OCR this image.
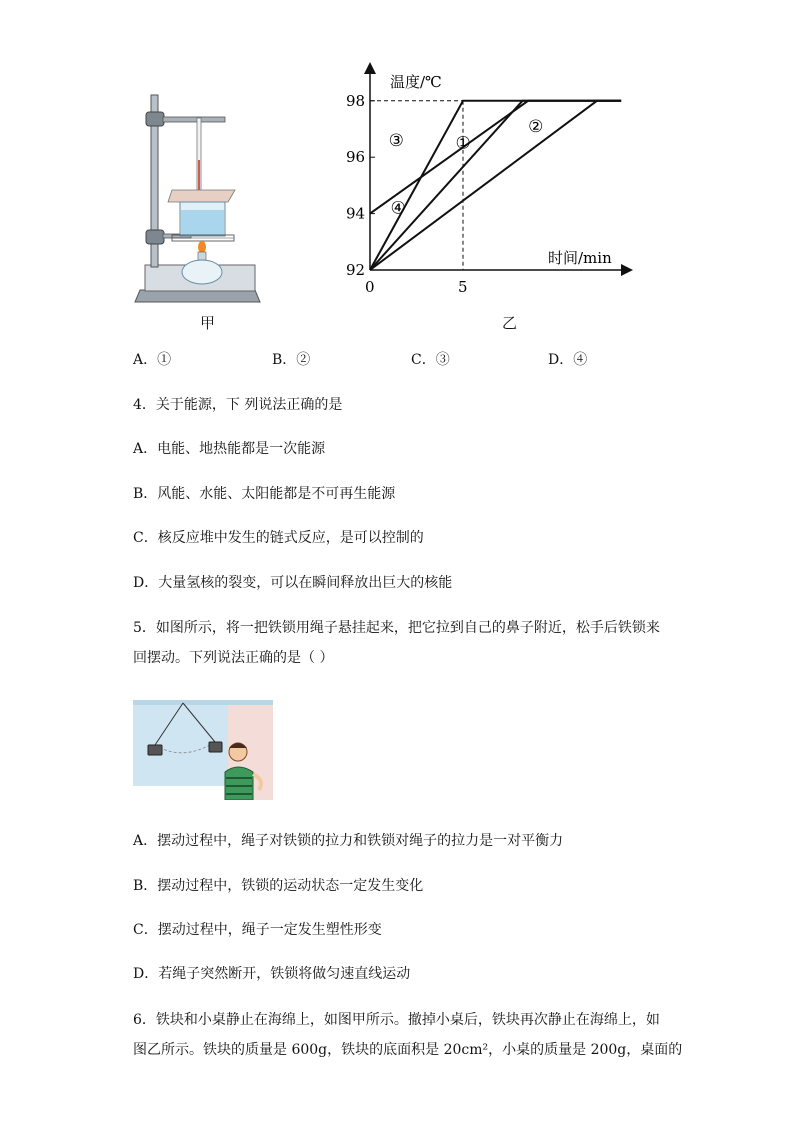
甲
温度/℃
时间/min
92
94
96
98
0	5
①
②
③
④
乙
A．①	B．②	C．③	D．④
4．关于能源，下 列说法正确的是
A．电能、地热能都是一次能源
B．风能、水能、太阳能都是不可再生能源
C．核反应堆中发生的链式反应，是可以控制的
D．大量氢核的裂变，可以在瞬间释放出巨大的核能
5．如图所示，将一把铁锁用绳子悬挂起来，把它拉到自己的鼻子附近，松手后铁锁来
回摆动。下列说法正确的是（ ）
A．摆动过程中，绳子对铁锁的拉力和铁锁对绳子的拉力是一对平衡力
B．摆动过程中，铁锁的运动状态一定发生变化
C．摆动过程中，绳子一定发生塑性形变
D．若绳子突然断开，铁锁将做匀速直线运动
6．铁块和小桌静止在海绵上，如图甲所示。撤掉小桌后，铁块再次静止在海绵上，如
图乙所示。铁块的质量是 600g，铁块的底面积是 20cm²，小桌的质量是 200g，桌面的
